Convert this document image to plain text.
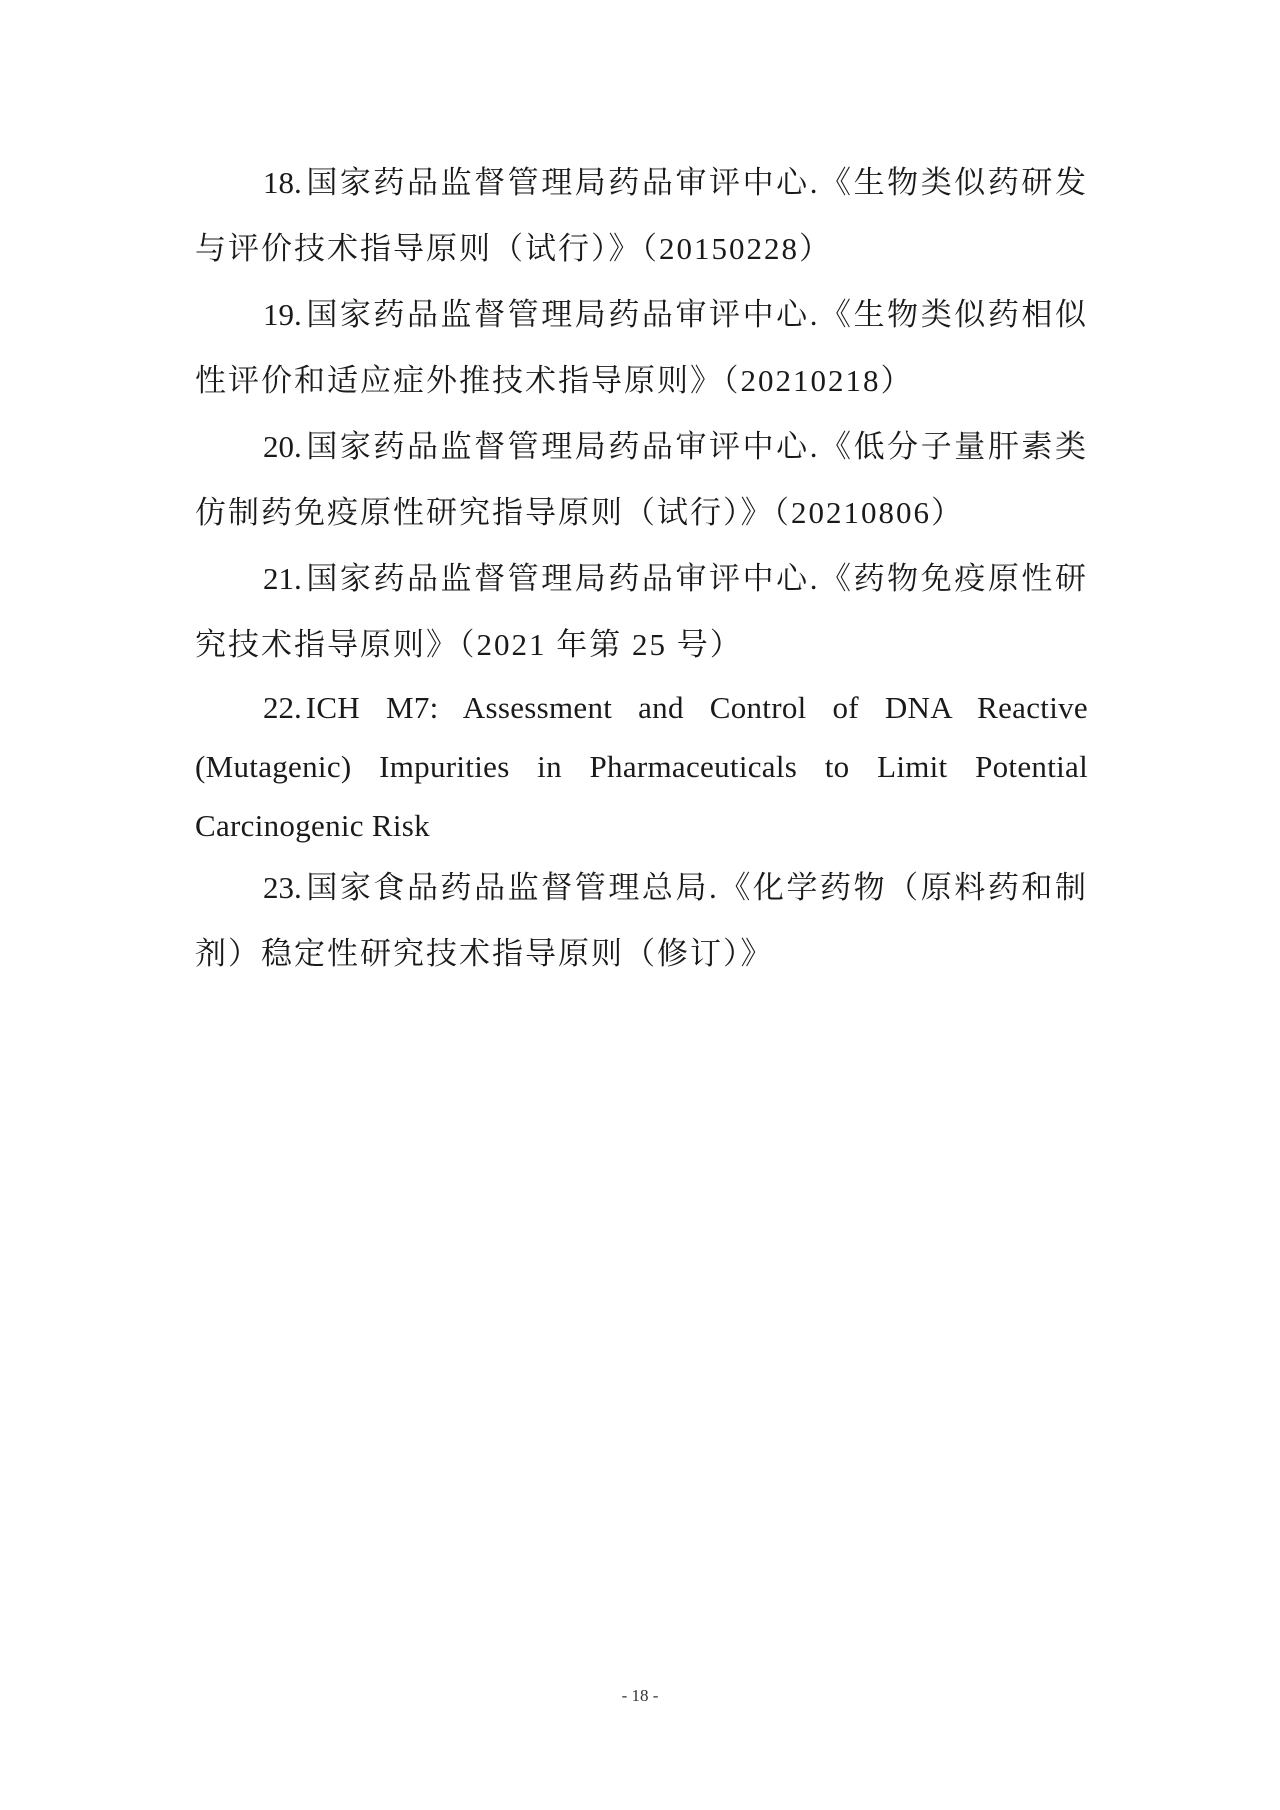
18. 国家药品监督管理局药品审评中心.《生物类似药研发与评价技术指导原则（试行）》（20150228）

19. 国家药品监督管理局药品审评中心.《生物类似药相似性评价和适应症外推技术指导原则》（20210218）

20. 国家药品监督管理局药品审评中心.《低分子量肝素类仿制药免疫原性研究指导原则（试行）》（20210806）

21. 国家药品监督管理局药品审评中心.《药物免疫原性研究技术指导原则》（2021 年第 25 号）

22. ICH M7: Assessment and Control of DNA Reactive (Mutagenic) Impurities in Pharmaceuticals to Limit Potential Carcinogenic Risk

23. 国家食品药品监督管理总局.《化学药物（原料药和制剂）稳定性研究技术指导原则（修订）》

- 18 -
